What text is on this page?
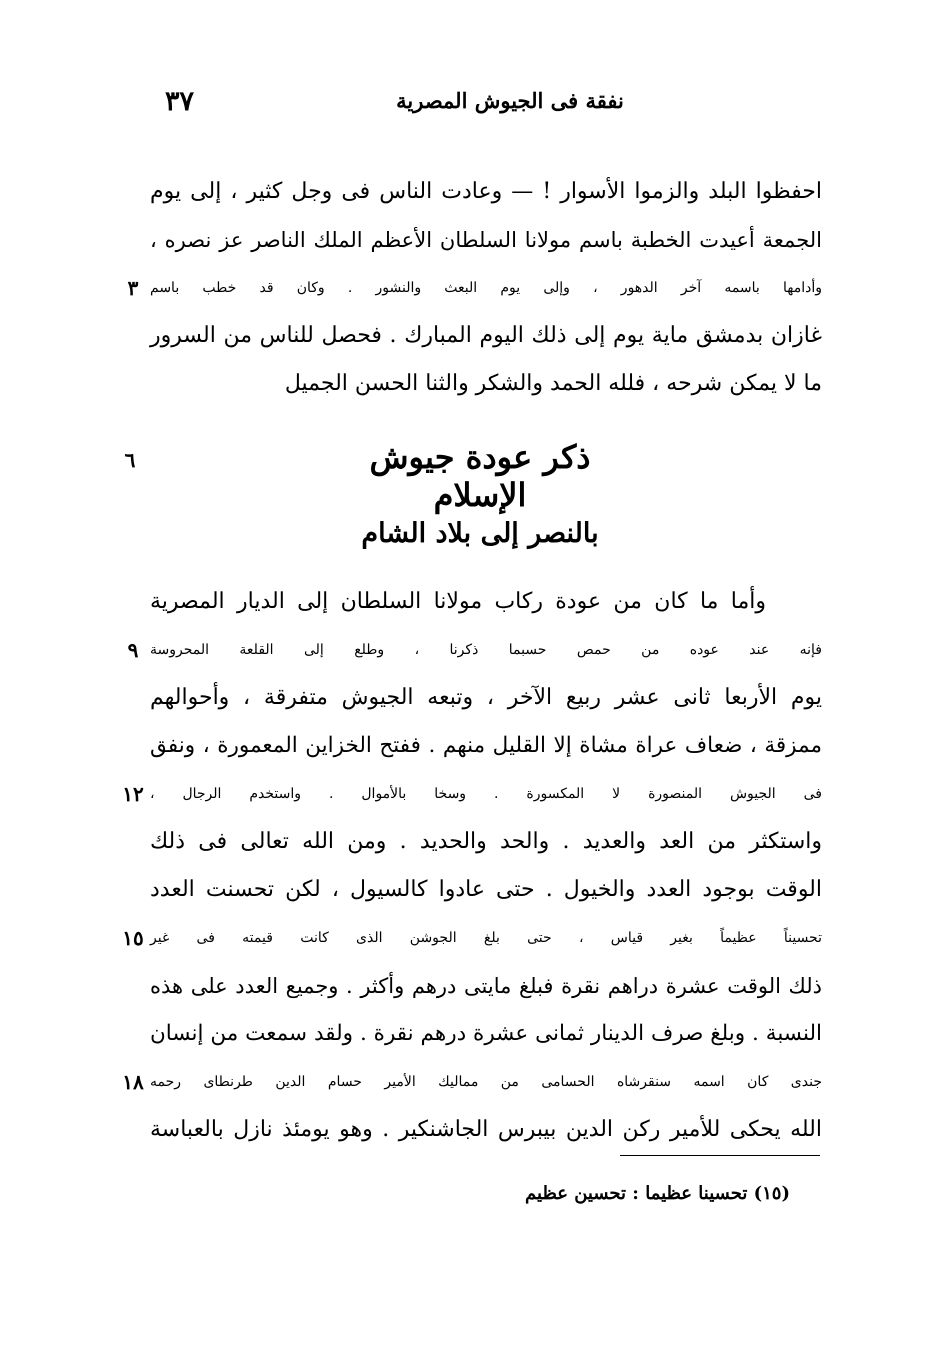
نفقة فى الجيوش المصرية
٣٧
احفظوا البلد والزموا الأسوار ! — وعادت الناس فى وجل كثير ، إلى يوم
الجمعة أعيدت الخطبة باسم مولانا السلطان الأعظم الملك الناصر عز نصره ،
وأدامها باسمه آخر الدهور ، وإلى يوم البعث والنشور . وكان قد خطب باسم
٣
غازان بدمشق ماية يوم إلى ذلك اليوم المبارك . فحصل للناس من السرور
ما لا يمكن شرحه ، فلله الحمد والشكر والثنا الحسن الجميل
ذكر عودة جيوش الإسلام
٦
بالنصر إلى بلاد الشام
وأما ما كان من عودة ركاب مولانا السلطان إلى الديار المصرية
فإنه عند عوده من حمص حسبما ذكرنا ، وطلع إلى القلعة المحروسة
٩
يوم الأربعا ثانى عشر ربيع الآخر ، وتبعه الجيوش متفرقة ، وأحوالهم
ممزقة ، ضعاف عراة مشاة إلا القليل منهم . ففتح الخزاين المعمورة ، ونفق
فى الجيوش المنصورة لا المكسورة . وسخا بالأموال . واستخدم الرجال ،
١٢
واستكثر من العد والعديد . والحد والحديد . ومن الله تعالى فى ذلك
الوقت بوجود العدد والخيول . حتى عادوا كالسيول ، لكن تحسنت العدد
تحسيناً عظيماً بغير قياس ، حتى بلغ الجوشن الذى كانت قيمته فى غير
١٥
ذلك الوقت عشرة دراهم نقرة فبلغ مايتى درهم وأكثر . وجميع العدد على هذه
النسبة . وبلغ صرف الدينار ثمانى عشرة درهم نقرة . ولقد سمعت من إنسان
جندى كان اسمه سنقرشاه الحسامى من مماليك الأمير حسام الدين طرنطاى رحمه
١٨
الله يحكى للأمير ركن الدين بيبرس الجاشنكير . وهو يومئذ نازل بالعباسة
(١٥) تحسينا عظيما : تحسين عظيم
